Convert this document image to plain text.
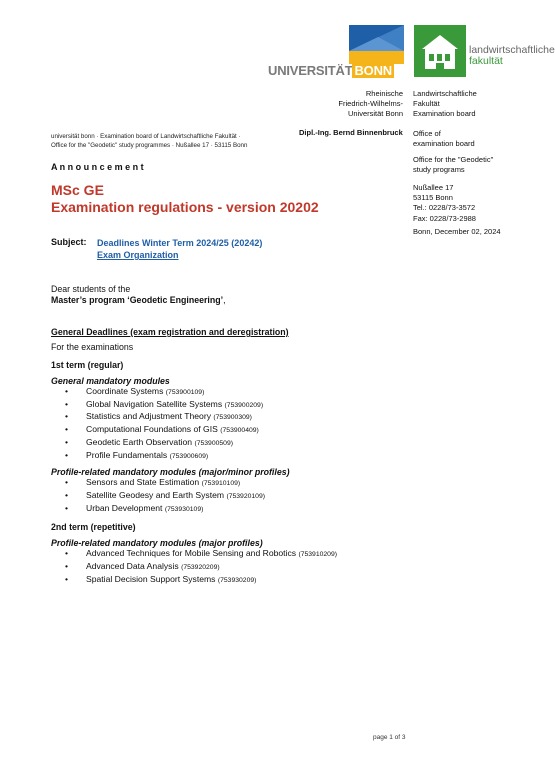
UNIVERSITÄT BONN
landwirtschaftliche
fakultät
Rheinische
Friedrich-Wilhelms-
Universität Bonn
Landwirtschaftliche
Fakultät
Examination board
Dipl.-Ing. Bernd Binnenbruck Office of
examination board
Office for the "Geodetic"
study programs
Nußallee 17
53115 Bonn
Tel.: 0228/73-3572
Fax: 0228/73-2988
Bonn, December 02, 2024
universität bonn · Examination board of Landwirtschaftliche Fakultät ·
Office for the "Geodetic" study programmes · Nußallee 17 · 53115 Bonn
A n n o u n c e m e n t
MSc GE
Examination regulations - version 20202
Subject: Deadlines Winter Term 2024/25 (20242)
Exam Organization
Dear students of the
Master’s program ‘Geodetic Engineering’,
General Deadlines (exam registration and deregistration)
For the examinations
1st term (regular)
General mandatory modules
• Coordinate Systems (753900109)
• Global Navigation Satellite Systems (753900209)
• Statistics and Adjustment Theory (753900309)
• Computational Foundations of GIS (753900409)
• Geodetic Earth Observation (753900509)
• Profile Fundamentals (753900609)
Profile-related mandatory modules (major/minor profiles)
• Sensors and State Estimation (753910109)
• Satellite Geodesy and Earth System (753920109)
• Urban Development (753930109)
2nd term (repetitive)
Profile-related mandatory modules (major profiles)
• Advanced Techniques for Mobile Sensing and Robotics (753910209)
• Advanced Data Analysis (753920209)
• Spatial Decision Support Systems (753930209)
page 1 of 3
